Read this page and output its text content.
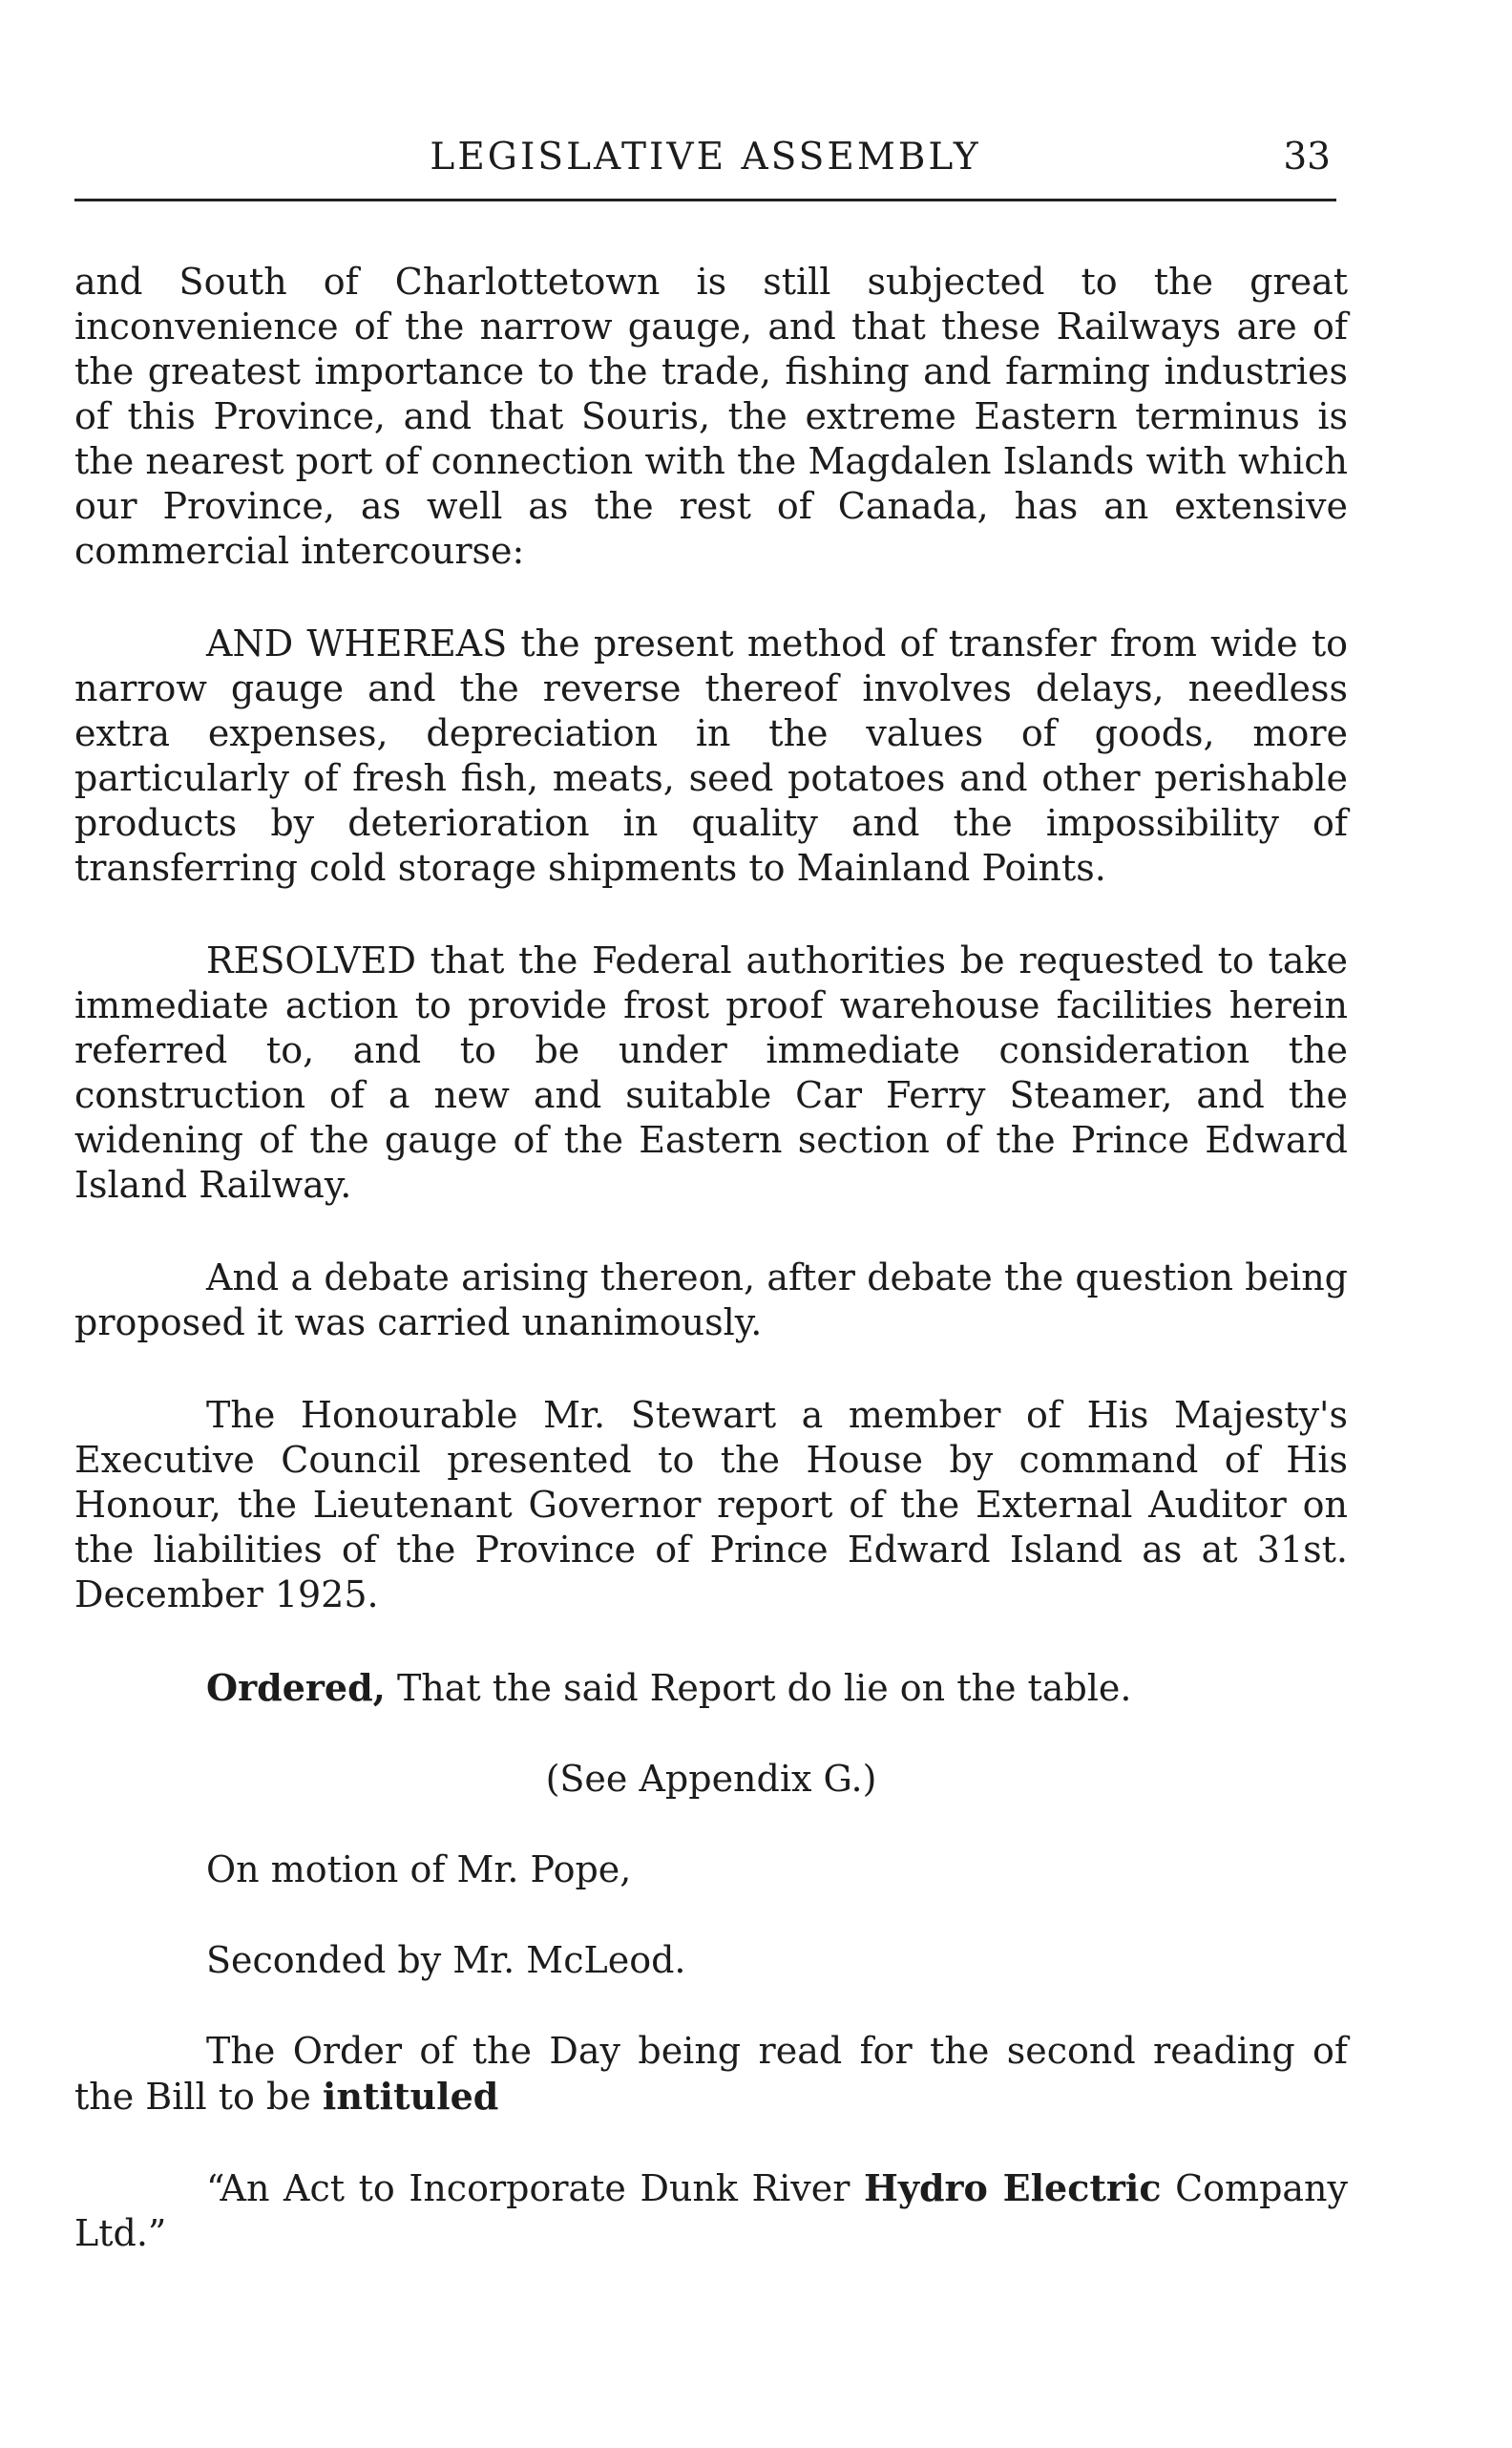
LEGISLATIVE ASSEMBLY	33

and South of Charlottetown is still subjected to the great inconvenience of the narrow gauge, and that these Railways are of the greatest importance to the trade, fishing and farming industries of this Province, and that Souris, the extreme Eastern terminus is the nearest port of connection with the Magdalen Islands with which our Province, as well as the rest of Canada, has an extensive commercial intercourse:

AND WHEREAS the present method of transfer from wide to narrow gauge and the reverse thereof involves delays, needless extra expenses, depreciation in the values of goods, more particularly of fresh fish, meats, seed potatoes and other perishable products by deterioration in quality and the impossibility of transferring cold storage shipments to Mainland Points.

RESOLVED that the Federal authorities be requested to take immediate action to provide frost proof warehouse facilities herein referred to, and to be under immediate consideration the construction of a new and suitable Car Ferry Steamer, and the widening of the gauge of the Eastern section of the Prince Edward Island Railway.

And a debate arising thereon, after debate the question being proposed it was carried unanimously.

The Honourable Mr. Stewart a member of His Majesty's Executive Council presented to the House by command of His Honour, the Lieutenant Governor report of the External Auditor on the liabilities of the Province of Prince Edward Island as at 31st. December 1925.

Ordered, That the said Report do lie on the table.

(See Appendix G.)

On motion of Mr. Pope,

Seconded by Mr. McLeod.

The Order of the Day being read for the second reading of the Bill to be intituled

“An Act to Incorporate Dunk River Hydro Electric Company Ltd.”
